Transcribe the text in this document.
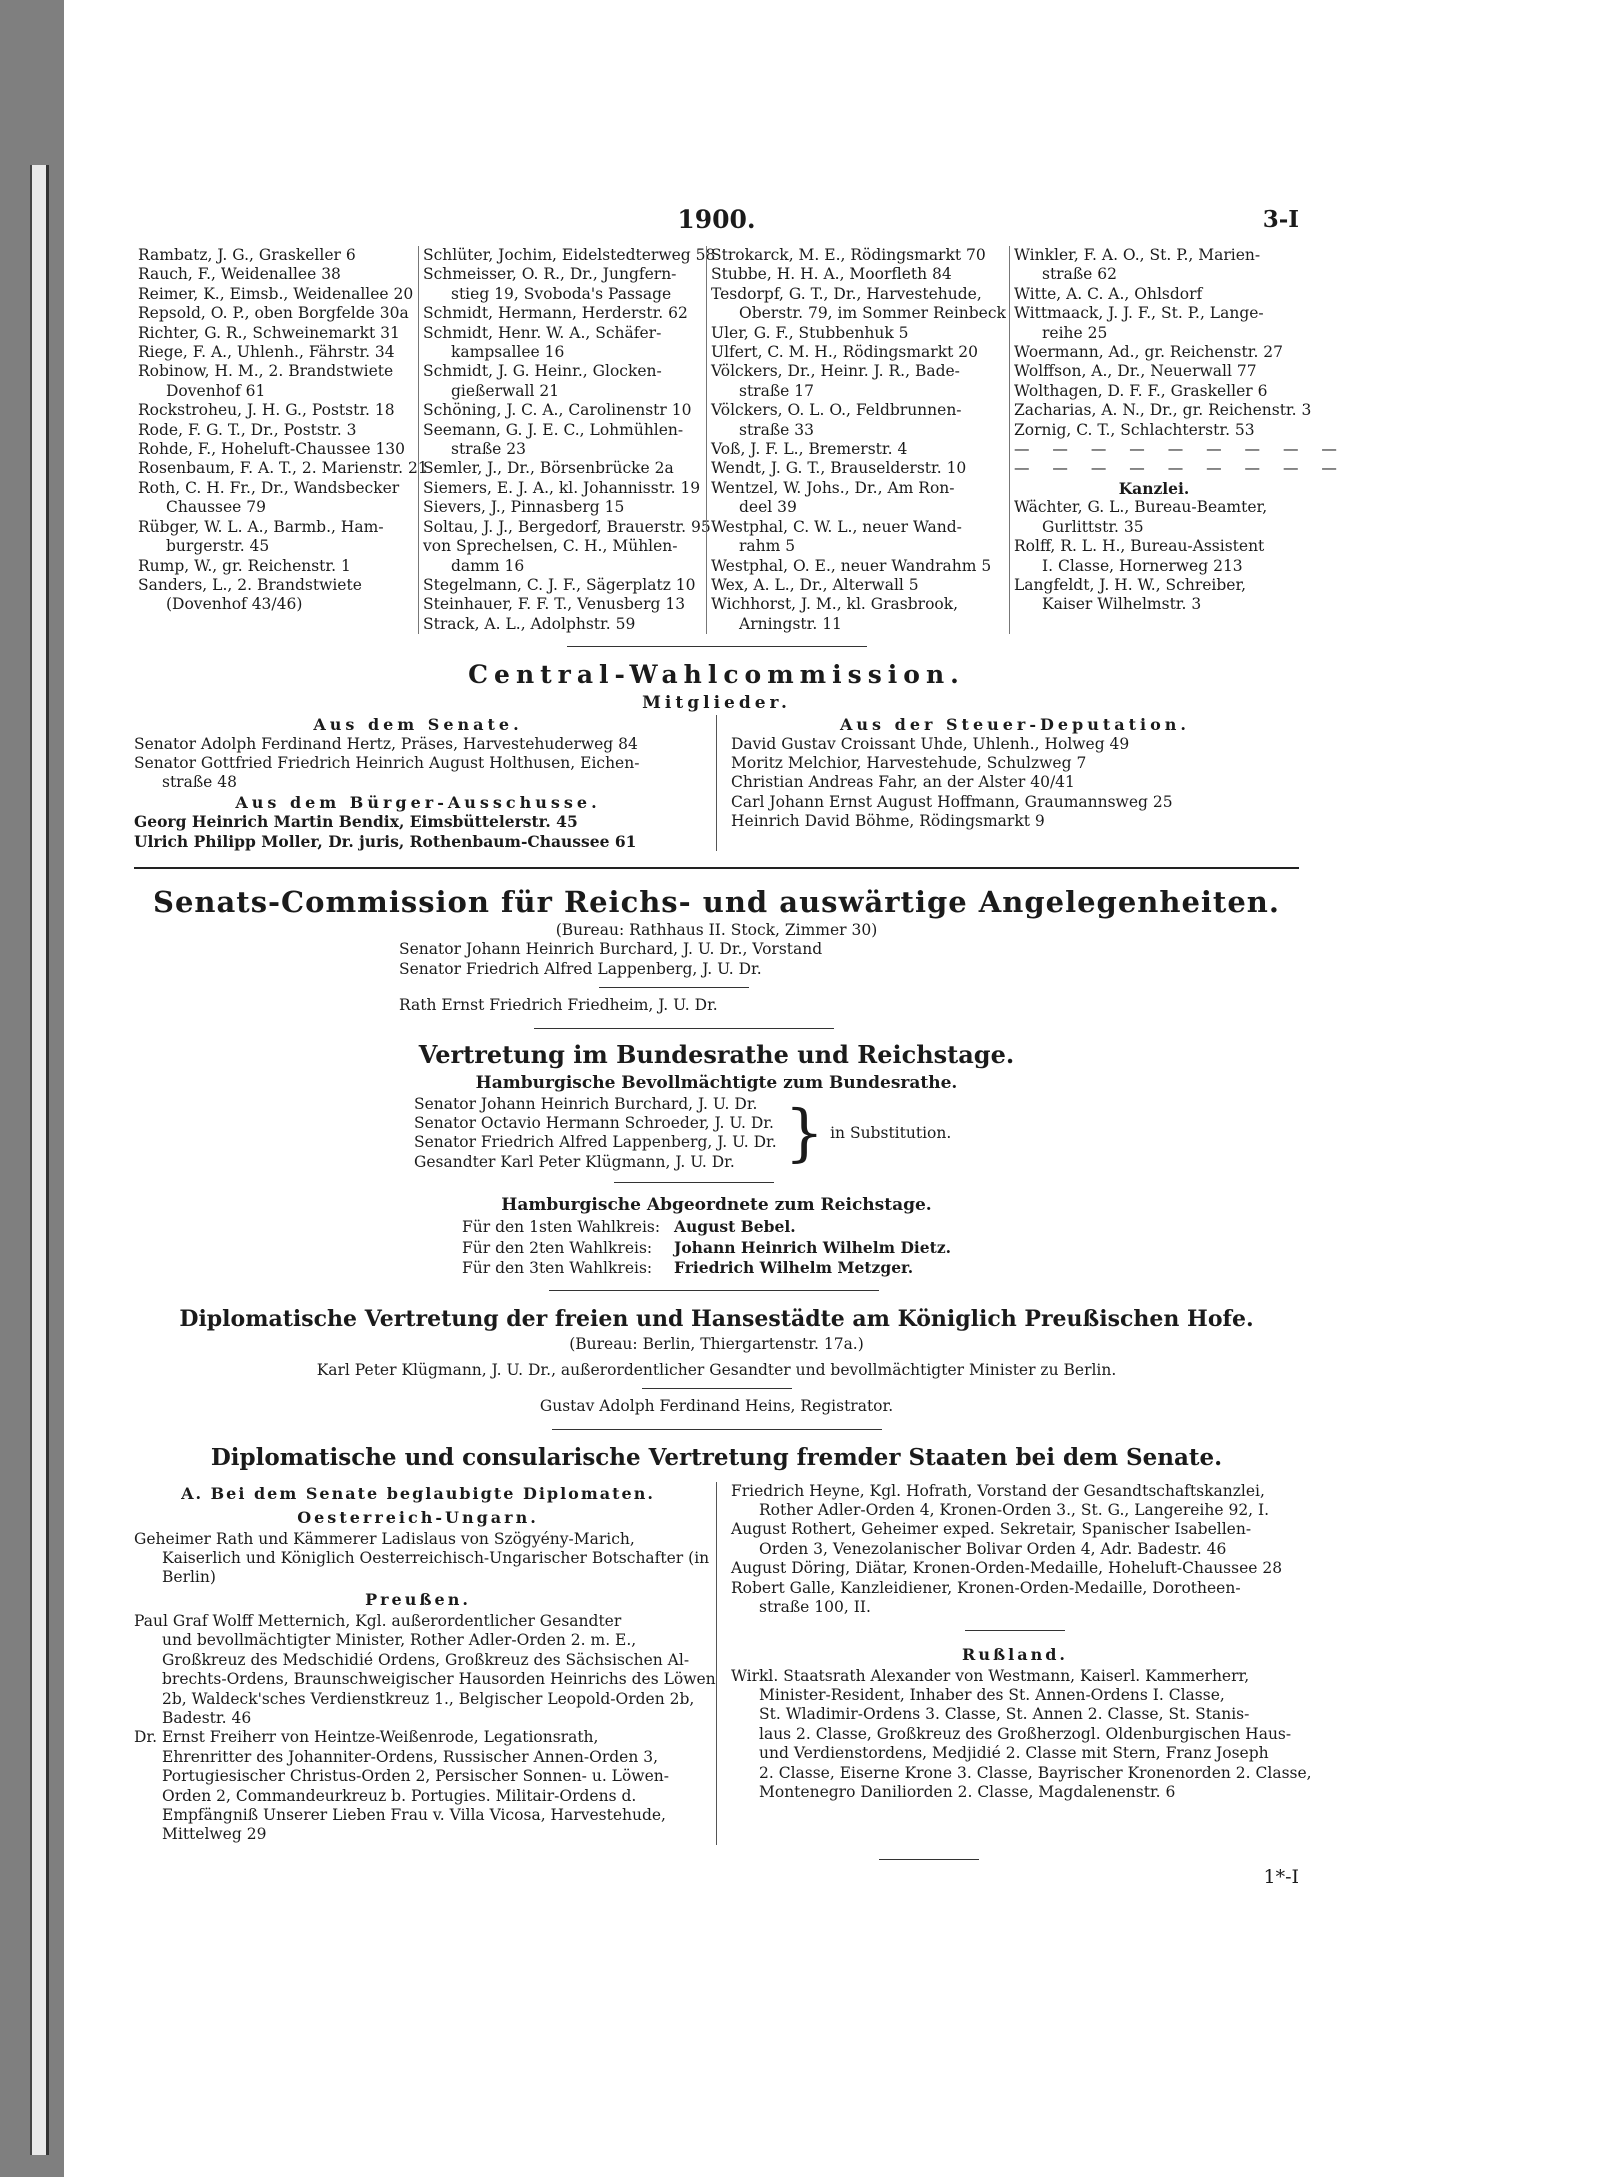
1900.	3-I
Rambatz, J. G., Graskeller 6
Rauch, F., Weidenallee 38
Reimer, K., Eimsb., Weidenallee 20
Repsold, O. P., oben Borgfelde 30a
Richter, G. R., Schweinemarkt 31
Riege, F. A., Uhlenh., Fährstr. 34
Robinow, H. M., 2. Brandstwiete
Dovenhof 61
Rockstroheu, J. H. G., Poststr. 18
Rode, F. G. T., Dr., Poststr. 3
Rohde, F., Hoheluft-Chaussee 130
Rosenbaum, F. A. T., 2. Marienstr. 21
Roth, C. H. Fr., Dr., Wandsbecker
Chaussee 79
Rübger, W. L. A., Barmb., Ham-
burgerstr. 45
Rump, W., gr. Reichenstr. 1
Sanders, L., 2. Brandstwiete
(Dovenhof 43/46)
Schlüter, Jochim, Eidelstedterweg 58
Schmeisser, O. R., Dr., Jungfern-
stieg 19, Svoboda's Passage
Schmidt, Hermann, Herderstr. 62
Schmidt, Henr. W. A., Schäfer-
kampsallee 16
Schmidt, J. G. Heinr., Glocken-
gießerwall 21
Schöning, J. C. A., Carolinenstr 10
Seemann, G. J. E. C., Lohmühlen-
straße 23
Semler, J., Dr., Börsenbrücke 2a
Siemers, E. J. A., kl. Johannisstr. 19
Sievers, J., Pinnasberg 15
Soltau, J. J., Bergedorf, Brauerstr. 95
von Sprechelsen, C. H., Mühlen-
damm 16
Stegelmann, C. J. F., Sägerplatz 10
Steinhauer, F. F. T., Venusberg 13
Strack, A. L., Adolphstr. 59
Strokarck, M. E., Rödingsmarkt 70
Stubbe, H. H. A., Moorfleth 84
Tesdorpf, G. T., Dr., Harvestehude,
Oberstr. 79, im Sommer Reinbeck
Uler, G. F., Stubbenhuk 5
Ulfert, C. M. H., Rödingsmarkt 20
Völckers, Dr., Heinr. J. R., Bade-
straße 17
Völckers, O. L. O., Feldbrunnen-
straße 33
Voß, J. F. L., Bremerstr. 4
Wendt, J. G. T., Brauselderstr. 10
Wentzel, W. Johs., Dr., Am Ron-
deel 39
Westphal, C. W. L., neuer Wand-
rahm 5
Westphal, O. E., neuer Wandrahm 5
Wex, A. L., Dr., Alterwall 5
Wichhorst, J. M., kl. Grasbrook,
Arningstr. 11
Winkler, F. A. O., St. P., Marien-
straße 62
Witte, A. C. A., Ohlsdorf
Wittmaack, J. J. F., St. P., Lange-
reihe 25
Woermann, Ad., gr. Reichenstr. 27
Wolffson, A., Dr., Neuerwall 77
Wolthagen, D. F. F., Graskeller 6
Zacharias, A. N., Dr., gr. Reichenstr. 3
Zornig, C. T., Schlachterstr. 53
— — — — — — — — —
— — — — — — — — —
Kanzlei.
Wächter, G. L., Bureau-Beamter,
Gurlittstr. 35
Rolff, R. L. H., Bureau-Assistent
I. Classe, Hornerweg 213
Langfeldt, J. H. W., Schreiber,
Kaiser Wilhelmstr. 3
Central-Wahlcommission.
Mitglieder.
Aus dem Senate.
Senator Adolph Ferdinand Hertz, Präses, Harvestehuderweg 84
Senator Gottfried Friedrich Heinrich August Holthusen, Eichen-
straße 48
Aus dem Bürger-Ausschusse.
Georg Heinrich Martin Bendix, Eimsbüttelerstr. 45
Ulrich Philipp Moller, Dr. juris, Rothenbaum-Chaussee 61
Aus der Steuer-Deputation.
David Gustav Croissant Uhde, Uhlenh., Holweg 49
Moritz Melchior, Harvestehude, Schulzweg 7
Christian Andreas Fahr, an der Alster 40/41
Carl Johann Ernst August Hoffmann, Graumannsweg 25
Heinrich David Böhme, Rödingsmarkt 9
Senats-Commission für Reichs- und auswärtige Angelegenheiten.
(Bureau: Rathhaus II. Stock, Zimmer 30)
Senator Johann Heinrich Burchard, J. U. Dr., Vorstand
Senator Friedrich Alfred Lappenberg, J. U. Dr.
Rath Ernst Friedrich Friedheim, J. U. Dr.
Vertretung im Bundesrathe und Reichstage.
Hamburgische Bevollmächtigte zum Bundesrathe.
Senator Johann Heinrich Burchard, J. U. Dr.
Senator Octavio Hermann Schroeder, J. U. Dr.
Senator Friedrich Alfred Lappenberg, J. U. Dr.
Gesandter Karl Peter Klügmann, J. U. Dr. } in Substitution.
Hamburgische Abgeordnete zum Reichstage.
Für den 1sten Wahlkreis: August Bebel.
Für den 2ten Wahlkreis: Johann Heinrich Wilhelm Dietz.
Für den 3ten Wahlkreis: Friedrich Wilhelm Metzger.
Diplomatische Vertretung der freien und Hansestädte am Königlich Preußischen Hofe.
(Bureau: Berlin, Thiergartenstr. 17a.)
Karl Peter Klügmann, J. U. Dr., außerordentlicher Gesandter und bevollmächtigter Minister zu Berlin.
Gustav Adolph Ferdinand Heins, Registrator.
Diplomatische und consularische Vertretung fremder Staaten bei dem Senate.
A. Bei dem Senate beglaubigte Diplomaten.
Oesterreich-Ungarn.
Geheimer Rath und Kämmerer Ladislaus von Szögyény-Marich,
Kaiserlich und Königlich Oesterreichisch-Ungarischer Botschafter (in
Berlin)
Preußen.
Paul Graf Wolff Metternich, Kgl. außerordentlicher Gesandter
und bevollmächtigter Minister, Rother Adler-Orden 2. m. E.,
Großkreuz des Medschidié Ordens, Großkreuz des Sächsischen Al-
brechts-Ordens, Braunschweigischer Hausorden Heinrichs des Löwen
2b, Waldeck'sches Verdienstkreuz 1., Belgischer Leopold-Orden 2b,
Badestr. 46
Dr. Ernst Freiherr von Heintze-Weißenrode, Legationsrath,
Ehrenritter des Johanniter-Ordens, Russischer Annen-Orden 3,
Portugiesischer Christus-Orden 2, Persischer Sonnen- u. Löwen-
Orden 2, Commandeurkreuz b. Portugies. Militair-Ordens d.
Empfängniß Unserer Lieben Frau v. Villa Vicosa, Harvestehude,
Mittelweg 29
Friedrich Heyne, Kgl. Hofrath, Vorstand der Gesandtschaftskanzlei,
Rother Adler-Orden 4, Kronen-Orden 3., St. G., Langereihe 92, I.
August Rothert, Geheimer exped. Sekretair, Spanischer Isabellen-
Orden 3, Venezolanischer Bolivar Orden 4, Adr. Badestr. 46
August Döring, Diätar, Kronen-Orden-Medaille, Hoheluft-Chaussee 28
Robert Galle, Kanzleidiener, Kronen-Orden-Medaille, Dorotheen-
straße 100, II.
Rußland.
Wirkl. Staatsrath Alexander von Westmann, Kaiserl. Kammerherr,
Minister-Resident, Inhaber des St. Annen-Ordens I. Classe,
St. Wladimir-Ordens 3. Classe, St. Annen 2. Classe, St. Stanis-
laus 2. Classe, Großkreuz des Großherzogl. Oldenburgischen Haus-
und Verdienstordens, Medjidié 2. Classe mit Stern, Franz Joseph
2. Classe, Eiserne Krone 3. Classe, Bayrischer Kronenorden 2. Classe,
Montenegro Daniliorden 2. Classe, Magdalenenstr. 6
1*-I
